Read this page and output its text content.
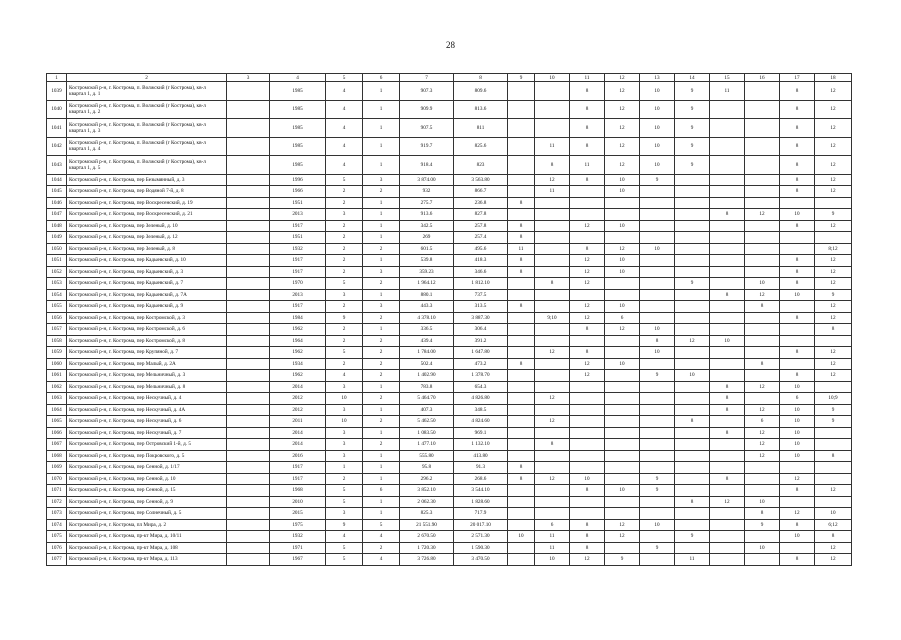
28
1	2	3	4	5	6	7	8	9	10	11	12	13	14	15	16	17	18
1039	Костромской р-н, г. Кострома, п. Волжский (г Кострома), кв-л квартал 1, д. 1		1985	4	1	907.3	809.6			8	12	10	9	11		8	12
1040	Костромской р-н, г. Кострома, п. Волжский (г Кострома), кв-л квартал 1, д. 2		1985	4	1	909.9	813.6			8	12	10	9			8	12
1041	Костромской р-н, г. Кострома, п. Волжский (г Кострома), кв-л квартал 1, д. 3		1985	4	1	907.5	811			8	12	10	9			8	12
1042	Костромской р-н, г. Кострома, п. Волжский (г Кострома), кв-л квартал 1, д. 4		1985	4	1	919.7	825.6		11	8	12	10	9			8	12
1043	Костромской р-н, г. Кострома, п. Волжский (г Кострома), кв-л квартал 1, д. 5		1985	4	1	918.4	823		8	11	12	10	9			8	12
1044	Костромской р-н, г. Кострома, пер Безымянный, д. 3		1996	5	3	3 874.00	3 563.80		12	8	10	9				8	12
1045	Костромской р-н, г. Кострома, пер Водяной 7-й, д. 8		1966	2	2	932	866.7		11		10					8	12
1046	Костромской р-н, г. Кострома, пер Воскресенский, д. 19		1951	2	1	275.7	236.8	8									
1047	Костромской р-н, г. Кострома, пер Воскресенский, д. 21		2013	3	1	913.6	827.8							8	12	10	9
1048	Костромской р-н, г. Кострома, пер Зеленый, д. 10		1917	2	1	342.5	257.8	8		12	10					8	12
1049	Костромской р-н, г. Кострома, пер Зеленый, д. 12		1951	2	1	269	257.4	8									
1050	Костромской р-н, г. Кострома, пер Зеленый, д. 8		1932	2	2	601.5	495.6	11		8	12	10					8;12
1051	Костромской р-н, г. Кострома, пер Кадыевский, д. 10		1917	2	1	539.8	418.3	8		12	10					8	12
1052	Костромской р-н, г. Кострома, пер Кадыевский, д. 3		1917	2	3	359.23	346.6	8		12	10					8	12
1053	Костромской р-н, г. Кострома, пер Кадыевский, д. 7		1970	5	2	1 964.12	1 812.10		8	12			9		10	8	12
1054	Костромской р-н, г. Кострома, пер Кадыевский, д. 7А		2013	3	1	880.1	737.5							8	12	10	9
1055	Костромской р-н, г. Кострома, пер Кадыевский, д. 9		1917	2	3	443.3	313.5	8		12	10				8		12
1056	Костромской р-н, г. Кострома, пер Костромской, д. 3		1984	9	2	4 378.10	3 887.30		9;10	12	6					8	12
1057	Костромской р-н, г. Кострома, пер Костромской, д. 6		1962	2	1	336.5	306.4			8	12	10					8
1058	Костромской р-н, г. Кострома, пер Костромской, д. 8		1964	2	2	439.4	391.2					8	12	10			
1059	Костромской р-н, г. Кострома, пер Крупяной, д. 7		1962	5	2	1 784.00	1 647.80		12	8		10				8	12
1060	Костромской р-н, г. Кострома, пер Малый, д. 2А		1934	2	2	502.4	473.2	8		12	10				8		12
1061	Костромской р-н, г. Кострома, пер Мельничный, д. 3		1962	4	2	1 402.90	1 378.70			12		9	10			8	12
1062	Костромской р-н, г. Кострома, пер Мельничный, д. 8		2014	3	1	783.8	654.3							8	12	10	
1063	Костромской р-н, г. Кострома, пер Нескучный, д. 4		2012	10	2	5 464.70	4 826.80		12					8		6	10;9
1064	Костромской р-н, г. Кострома, пер Нескучный, д. 4А		2012	3	1	407.3	348.5							8	12	10	9
1065	Костромской р-н, г. Кострома, пер Нескучный, д. 6		2011	10	2	5 462.50	4 824.60		12				8		6	10	9
1066	Костромской р-н, г. Кострома, пер Нескучный, д. 7		2014	3	1	1 083.50	969.1							8	12	10	
1067	Костромской р-н, г. Кострома, пер Островский 1-й, д. 5		2014	3	2	1 477.10	1 132.10		8						12	10	
1068	Костромской р-н, г. Кострома, пер Покровского, д. 5		2016	3	1	555.80	413.80								12	10	8
1069	Костромской р-н, г. Кострома, пер Сенной, д. 1/17		1917	1	1	95.8	91.3	8									
1070	Костромской р-н, г. Кострома, пер Сенной, д. 10		1917	2	1	296.2	268.6	8	12	10		9		8		12	
1071	Костромской р-н, г. Кострома, пер Сенной, д. 15		1968	5	6	3 852.10	3 544.10			8	10	9				8	12
1072	Костромской р-н, г. Кострома, пер Сенной, д. 9		2010	5	1	2 062.30	1 828.60						8	12	10		
1073	Костромской р-н, г. Кострома, пер Солнечный, д. 5		2015	3	1	825.3	717.9								8	12	10
1074	Костромской р-н, г. Кострома, пл Мира, д. 2		1975	9	5	21 551.90	20 017.10		6	8	12	10			9	8	6;12
1075	Костромской р-н, г. Кострома, пр-кт Мира, д. 10/11		1932	4	4	2 670.50	2 571.30	10	11	8	12		9			10	8
1076	Костромской р-н, г. Кострома, пр-кт Мира, д. 108		1971	5	2	1 720.30	1 590.30		11	8		9			10		12
1077	Костромской р-н, г. Кострома, пр-кт Мира, д. 113		1967	5	4	3 726.80	3 470.50		10	12	9		11			8	12
